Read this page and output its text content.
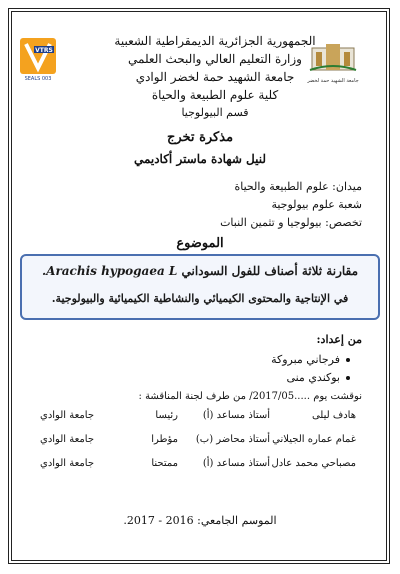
VTRS
SEALS 003	جامعة الشهيد حمة لخضر
الجمهورية الجزائرية الديمقراطية الشعبية
وزارة التعليم العالي والبحث العلمي
جامعة الشهيد حمة لخضر الوادي
كلية علوم الطبيعة والحياة
قسم البيولوجيا
مذكرة تخرج
لنيل شهادة ماستر أكاديمي
ميدان: علوم الطبيعة والحياة
شعبة علوم بيولوجية
تخصص: بيولوجيا و تثمين النبات
الموضوع
مقارنة ثلاثة أصناف للفول السوداني Arachis hypogaea L.
في الإنتاجية والمحتوى الكيميائي والنشاطية الكيميائية والبيولوجية.
من إعداد:
فرجاني مبروكة
بوكندي منى
نوقشت يوم .....2017/05/ من طرف لجنة المناقشة :
هادف ليلى
أستاذ مساعد (أ)
رئيسا
جامعة الوادي
غمام عماره الجيلاني
أستاذ محاضر (ب)
مؤطرا
جامعة الوادي
مصباحي محمد عادل
أستاذ مساعد (أ)
ممتحنا
جامعة الوادي
الموسم الجامعي: 2016 - 2017.
